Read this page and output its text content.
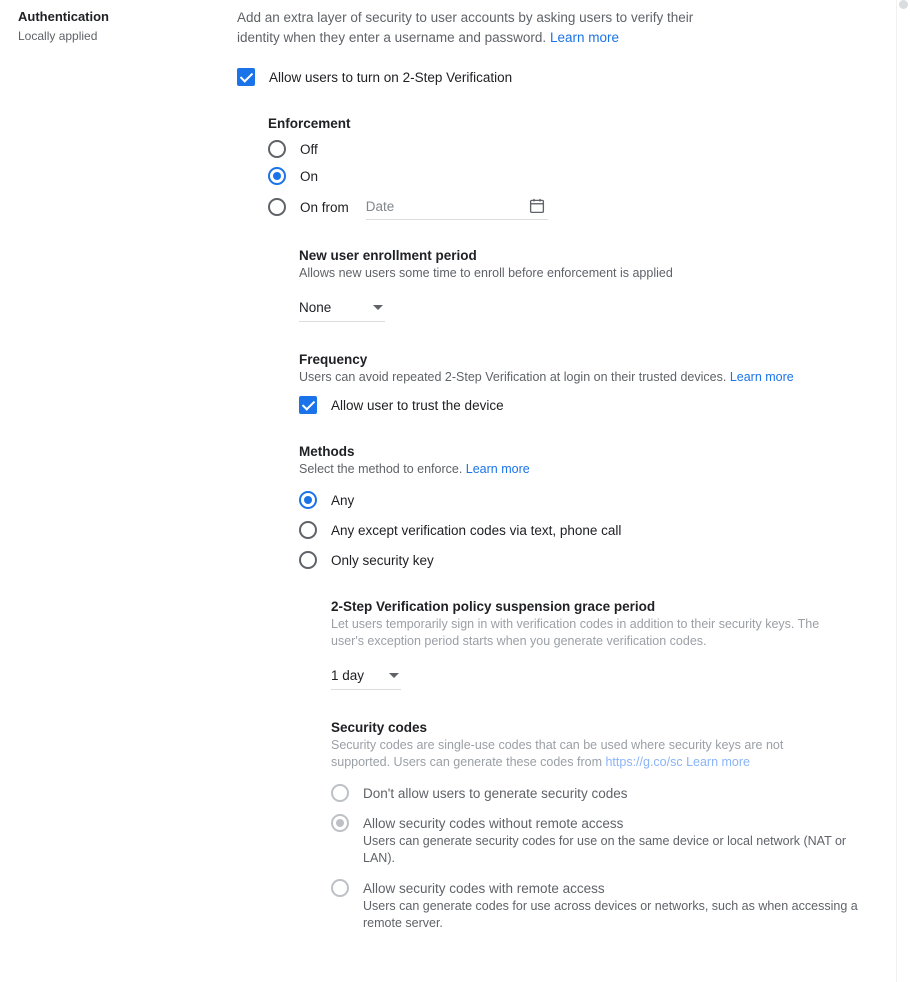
Authentication
Locally applied
Add an extra layer of security to user accounts by asking users to verify their identity when they enter a username and password. Learn more
Allow users to turn on 2-Step Verification
Enforcement
Off
On
On from Date
New user enrollment period
Allows new users some time to enroll before enforcement is applied
None
Frequency
Users can avoid repeated 2-Step Verification at login on their trusted devices. Learn more
Allow user to trust the device
Methods
Select the method to enforce. Learn more
Any
Any except verification codes via text, phone call
Only security key
2-Step Verification policy suspension grace period
Let users temporarily sign in with verification codes in addition to their security keys. The user's exception period starts when you generate verification codes.
1 day
Security codes
Security codes are single-use codes that can be used where security keys are not supported. Users can generate these codes from https://g.co/sc Learn more
Don't allow users to generate security codes
Allow security codes without remote access
Users can generate security codes for use on the same device or local network (NAT or LAN).
Allow security codes with remote access
Users can generate codes for use across devices or networks, such as when accessing a remote server.
